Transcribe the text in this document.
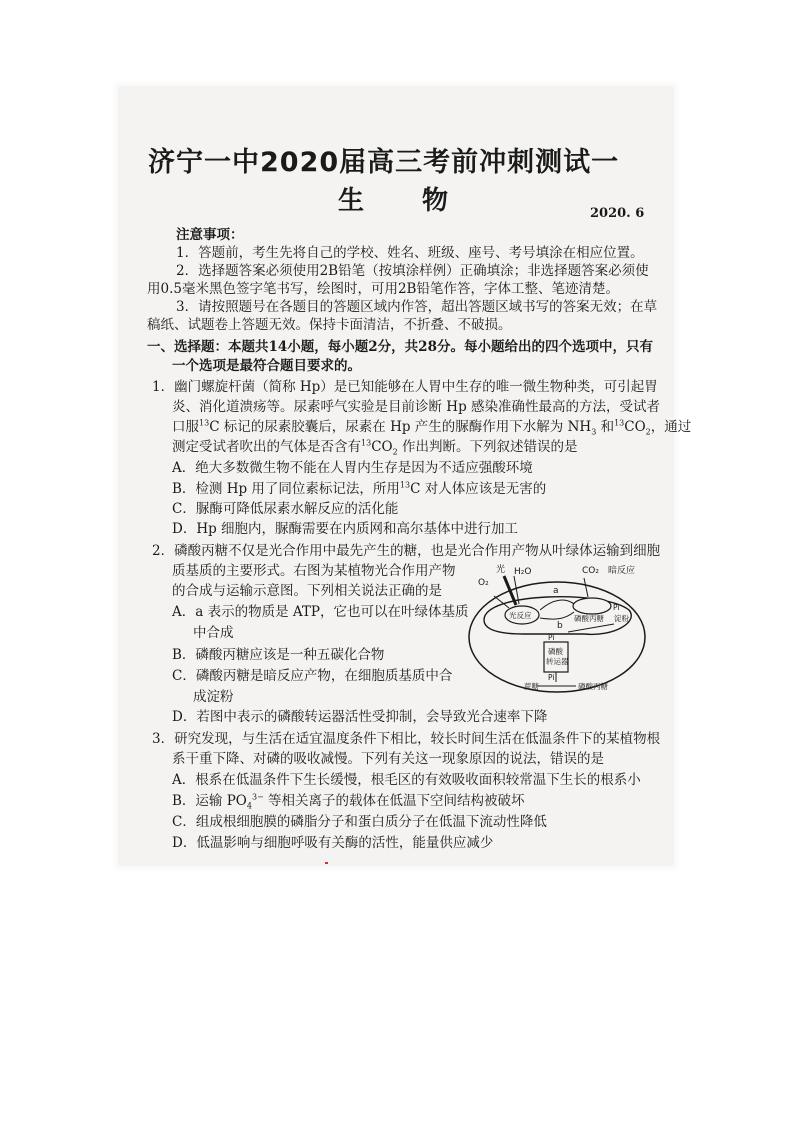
济宁一中2020届高三考前冲刺测试一
生物	2020. 6
注意事项：
1．答题前，考生先将自己的学校、姓名、班级、座号、考号填涂在相应位置。
2．选择题答案必须使用2B铅笔（按填涂样例）正确填涂；非选择题答案必须使
用0.5毫米黑色签字笔书写，绘图时，可用2B铅笔作答，字体工整、笔迹清楚。
3．请按照题号在各题目的答题区域内作答，超出答题区域书写的答案无效；在草
稿纸、试题卷上答题无效。保持卡面清洁，不折叠、不破损。
一、选择题：本题共14小题，每小题2分，共28分。每小题给出的四个选项中，只有
一个选项是最符合题目要求的。
1．幽门螺旋杆菌（简称 Hp）是已知能够在人胃中生存的唯一微生物种类，可引起胃
炎、消化道溃疡等。尿素呼气实验是目前诊断 Hp 感染准确性最高的方法，受试者
口服$^{13}$C 标记的尿素胶囊后，尿素在 Hp 产生的脲酶作用下水解为 $NH_3$ 和$^{13}CO_2$，通过
测定受试者吹出的气体是否含有$^{13}CO_2$ 作出判断。下列叙述错误的是
A．绝大多数微生物不能在人胃内生存是因为不适应强酸环境
B．检测 Hp 用了同位素标记法，所用$^{13}$C 对人体应该是无害的
C．脲酶可降低尿素水解反应的活化能
D．Hp 细胞内，脲酶需要在内质网和高尔基体中进行加工
2．磷酸丙糖不仅是光合作用中最先产生的糖，也是光合作用产物从叶绿体运输到细胞
质基质的主要形式。右图为某植物光合作用产物
的合成与运输示意图。下列相关说法正确的是
A．a 表示的物质是 ATP，它也可以在叶绿体基质
中合成
B．磷酸丙糖应该是一种五碳化合物
C．磷酸丙糖是暗反应产物，在细胞质基质中合
成淀粉
D．若图中表示的磷酸转运器活性受抑制，会导致光合速率下降
O₂
光 H₂O
a
b
CO₂ 暗反应
光反应
Pi
淀粉
磷酸丙糖
磷酸
转运器
Pi
Pi
蔗糖	磷酸丙糖
3．研究发现，与生活在适宜温度条件下相比，较长时间生活在低温条件下的某植物根
系干重下降、对磷的吸收减慢。下列有关这一现象原因的说法，错误的是
A．根系在低温条件下生长缓慢，根毛区的有效吸收面积较常温下生长的根系小
B．运输 $PO_4^{3-}$ 等相关离子的载体在低温下空间结构被破坏
C．组成根细胞膜的磷脂分子和蛋白质分子在低温下流动性降低
D．低温影响与细胞呼吸有关酶的活性，能量供应减少
